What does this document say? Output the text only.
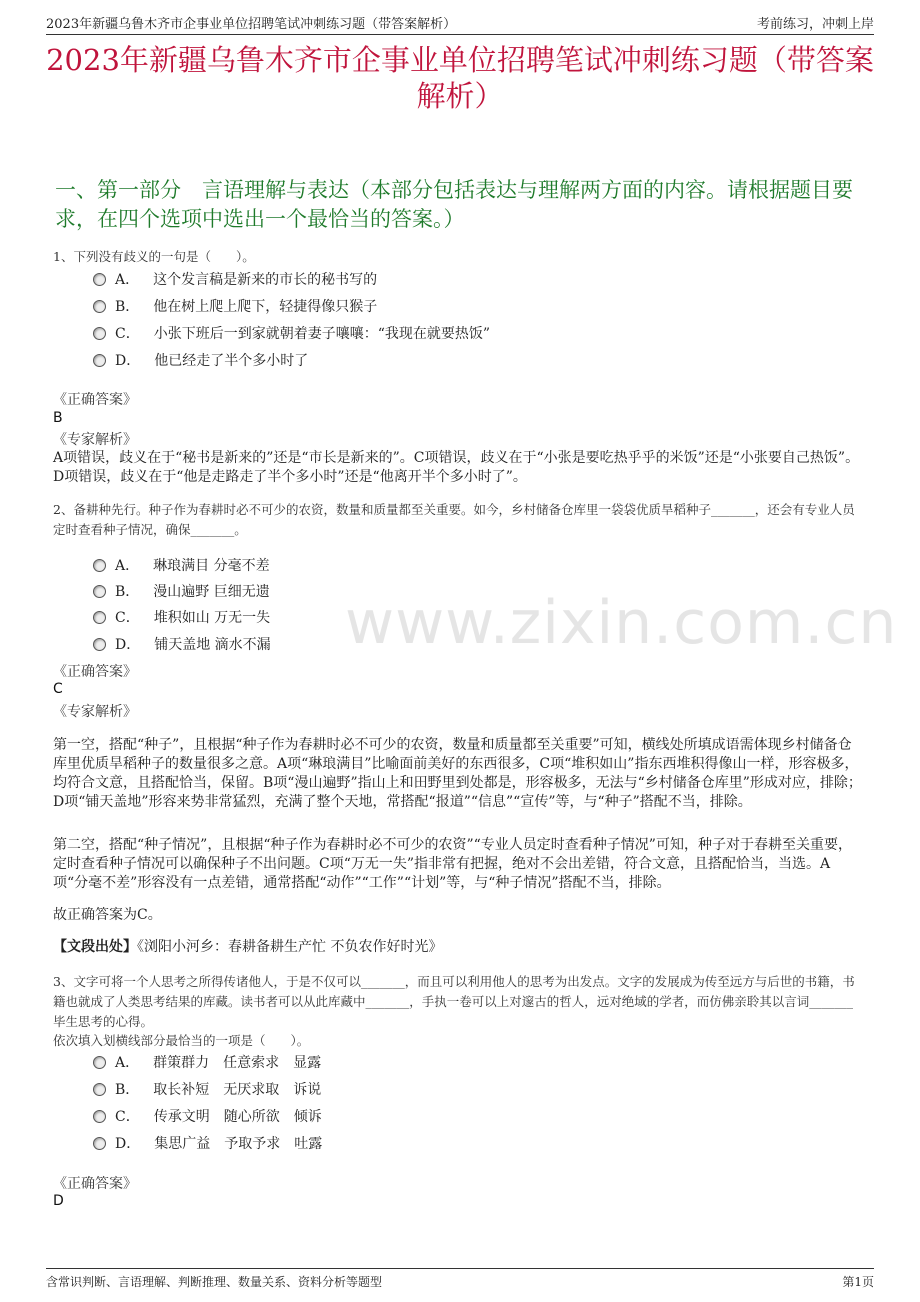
2023年新疆乌鲁木齐市企事业单位招聘笔试冲刺练习题（带答案解析）	考前练习，冲刺上岸
2023年新疆乌鲁木齐市企事业单位招聘笔试冲刺练习题（带答案解析）
一、第一部分　言语理解与表达（本部分包括表达与理解两方面的内容。请根据题目要求，在四个选项中选出一个最恰当的答案。）
www.zixin.com.cn
1、下列没有歧义的一句是（　　）。
A． 这个发言稿是新来的市长的秘书写的
B． 他在树上爬上爬下，轻捷得像只猴子
C． 小张下班后一到家就朝着妻子嚷嚷：“我现在就要热饭”
D． 他已经走了半个多小时了
《正确答案》
B
《专家解析》
A项错误，歧义在于“秘书是新来的”还是“市长是新来的”。C项错误，歧义在于“小张是要吃热乎乎的米饭”还是“小张要自己热饭”。D项错误，歧义在于“他是走路走了半个多小时”还是“他离开半个多小时了”。
2、备耕种先行。种子作为春耕时必不可少的农资，数量和质量都至关重要。如今，乡村储备仓库里一袋袋优质旱稻种子_______，还会有专业人员定时查看种子情况，确保_______。
A． 琳琅满目 分毫不差
B． 漫山遍野 巨细无遗
C． 堆积如山 万无一失
D． 铺天盖地 滴水不漏
《正确答案》
C
《专家解析》
第一空，搭配“种子”，且根据“种子作为春耕时必不可少的农资，数量和质量都至关重要”可知，横线处所填成语需体现乡村储备仓库里优质旱稻种子的数量很多之意。A项“琳琅满目”比喻面前美好的东西很多，C项“堆积如山”指东西堆积得像山一样，形容极多，均符合文意，且搭配恰当，保留。B项“漫山遍野”指山上和田野里到处都是，形容极多，无法与“乡村储备仓库里”形成对应，排除；D项“铺天盖地”形容来势非常猛烈，充满了整个天地，常搭配“报道”“信息”“宣传”等，与“种子”搭配不当，排除。
第二空，搭配“种子情况”，且根据“种子作为春耕时必不可少的农资”“专业人员定时查看种子情况”可知，种子对于春耕至关重要，定时查看种子情况可以确保种子不出问题。C项“万无一失”指非常有把握，绝对不会出差错，符合文意，且搭配恰当，当选。A项“分毫不差”形容没有一点差错，通常搭配“动作”“工作”“计划”等，与“种子情况”搭配不当，排除。
故正确答案为C。
【文段出处】《浏阳小河乡：春耕备耕生产忙 不负农作好时光》
3、文字可将一个人思考之所得传诸他人，于是不仅可以_______，而且可以利用他人的思考为出发点。文字的发展成为传至远方与后世的书籍，书籍也就成了人类思考结果的库藏。读书者可以从此库藏中_______，手执一卷可以上对邃古的哲人，远对绝域的学者，而仿佛亲聆其以言词_______毕生思考的心得。
依次填入划横线部分最恰当的一项是（　　）。
A． 群策群力　任意索求　显露
B． 取长补短　无厌求取　诉说
C． 传承文明　随心所欲　倾诉
D． 集思广益　予取予求　吐露
《正确答案》
D
含常识判断、言语理解、判断推理、数量关系、资料分析等题型	第1页
